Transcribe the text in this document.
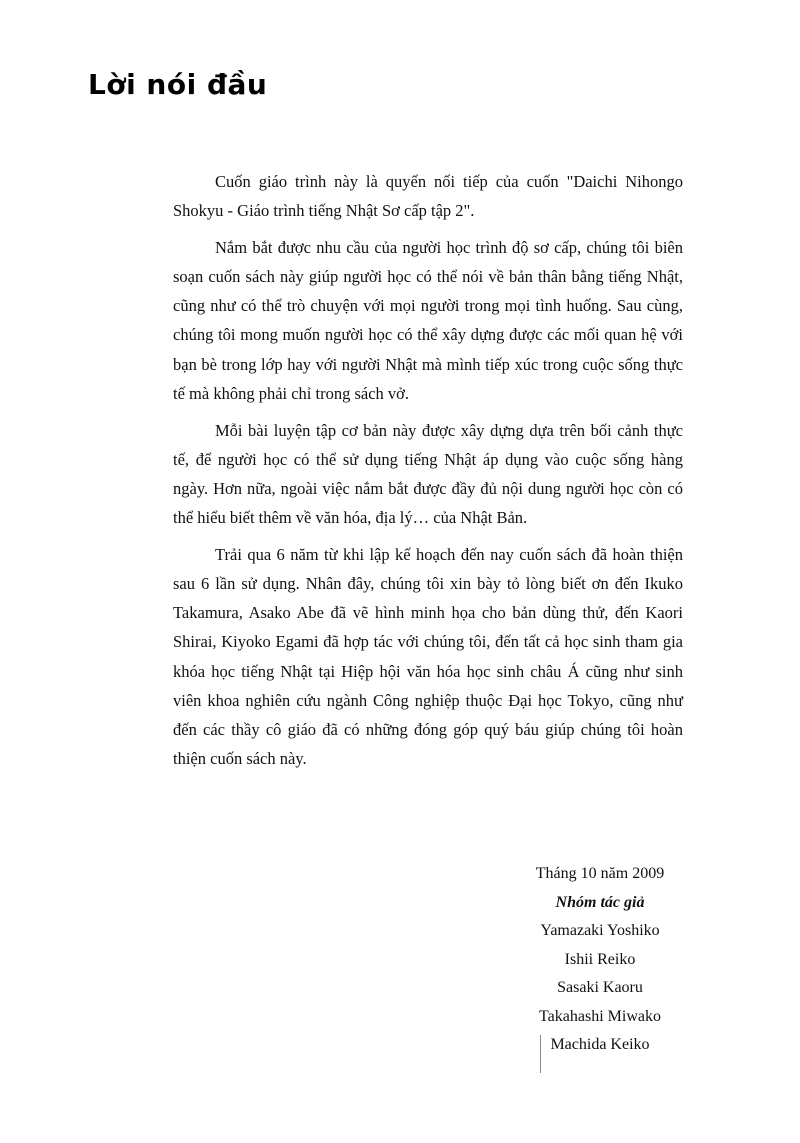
Lời nói đầu

Cuốn giáo trình này là quyển nối tiếp của cuốn "Daichi Nihongo Shokyu - Giáo trình tiếng Nhật Sơ cấp tập 2".

Nắm bắt được nhu cầu của người học trình độ sơ cấp, chúng tôi biên soạn cuốn sách này giúp người học có thể nói về bản thân bằng tiếng Nhật, cũng như có thể trò chuyện với mọi người trong mọi tình huống. Sau cùng, chúng tôi mong muốn người học có thể xây dựng được các mối quan hệ với bạn bè trong lớp hay với người Nhật mà mình tiếp xúc trong cuộc sống thực tế mà không phải chỉ trong sách vở.

Mỗi bài luyện tập cơ bản này được xây dựng dựa trên bối cảnh thực tế, để người học có thể sử dụng tiếng Nhật áp dụng vào cuộc sống hàng ngày. Hơn nữa, ngoài việc nắm bắt được đầy đủ nội dung người học còn có thể hiểu biết thêm về văn hóa, địa lý… của Nhật Bản.

Trải qua 6 năm từ khi lập kế hoạch đến nay cuốn sách đã hoàn thiện sau 6 lần sử dụng. Nhân đây, chúng tôi xin bày tỏ lòng biết ơn đến Ikuko Takamura, Asako Abe đã vẽ hình minh họa cho bản dùng thử, đến Kaori Shirai, Kiyoko Egami đã hợp tác với chúng tôi, đến tất cả học sinh tham gia khóa học tiếng Nhật tại Hiệp hội văn hóa học sinh châu Á cũng như sinh viên khoa nghiên cứu ngành Công nghiệp thuộc Đại học Tokyo, cũng như đến các thầy cô giáo đã có những đóng góp quý báu giúp chúng tôi hoàn thiện cuốn sách này.

Tháng 10 năm 2009
Nhóm tác giả
Yamazaki Yoshiko
Ishii Reiko
Sasaki Kaoru
Takahashi Miwako
Machida Keiko
